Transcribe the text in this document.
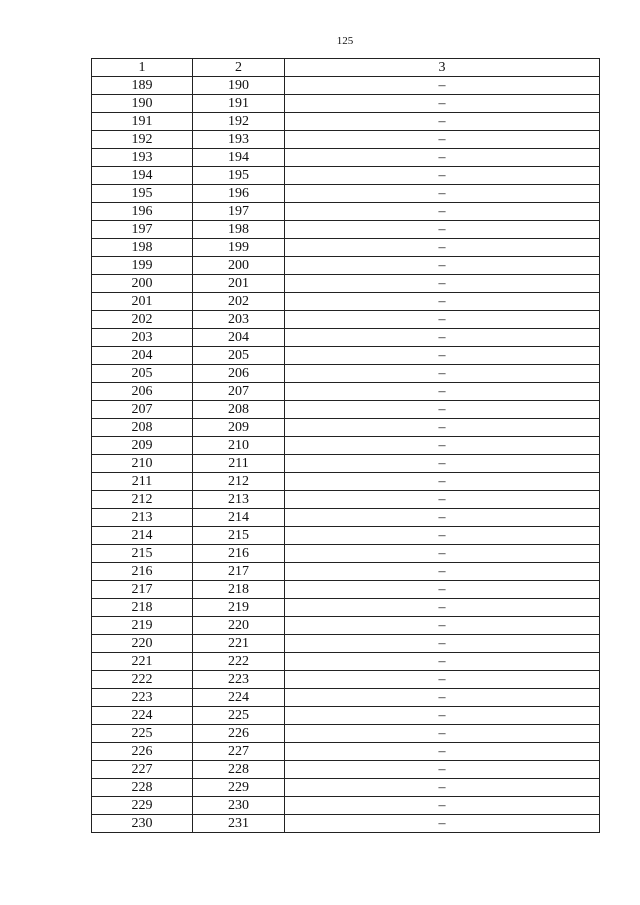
125
1	2	3
189	190	–
190	191	–
191	192	–
192	193	–
193	194	–
194	195	–
195	196	–
196	197	–
197	198	–
198	199	–
199	200	–
200	201	–
201	202	–
202	203	–
203	204	–
204	205	–
205	206	–
206	207	–
207	208	–
208	209	–
209	210	–
210	211	–
211	212	–
212	213	–
213	214	–
214	215	–
215	216	–
216	217	–
217	218	–
218	219	–
219	220	–
220	221	–
221	222	–
222	223	–
223	224	–
224	225	–
225	226	–
226	227	–
227	228	–
228	229	–
229	230	–
230	231	–
